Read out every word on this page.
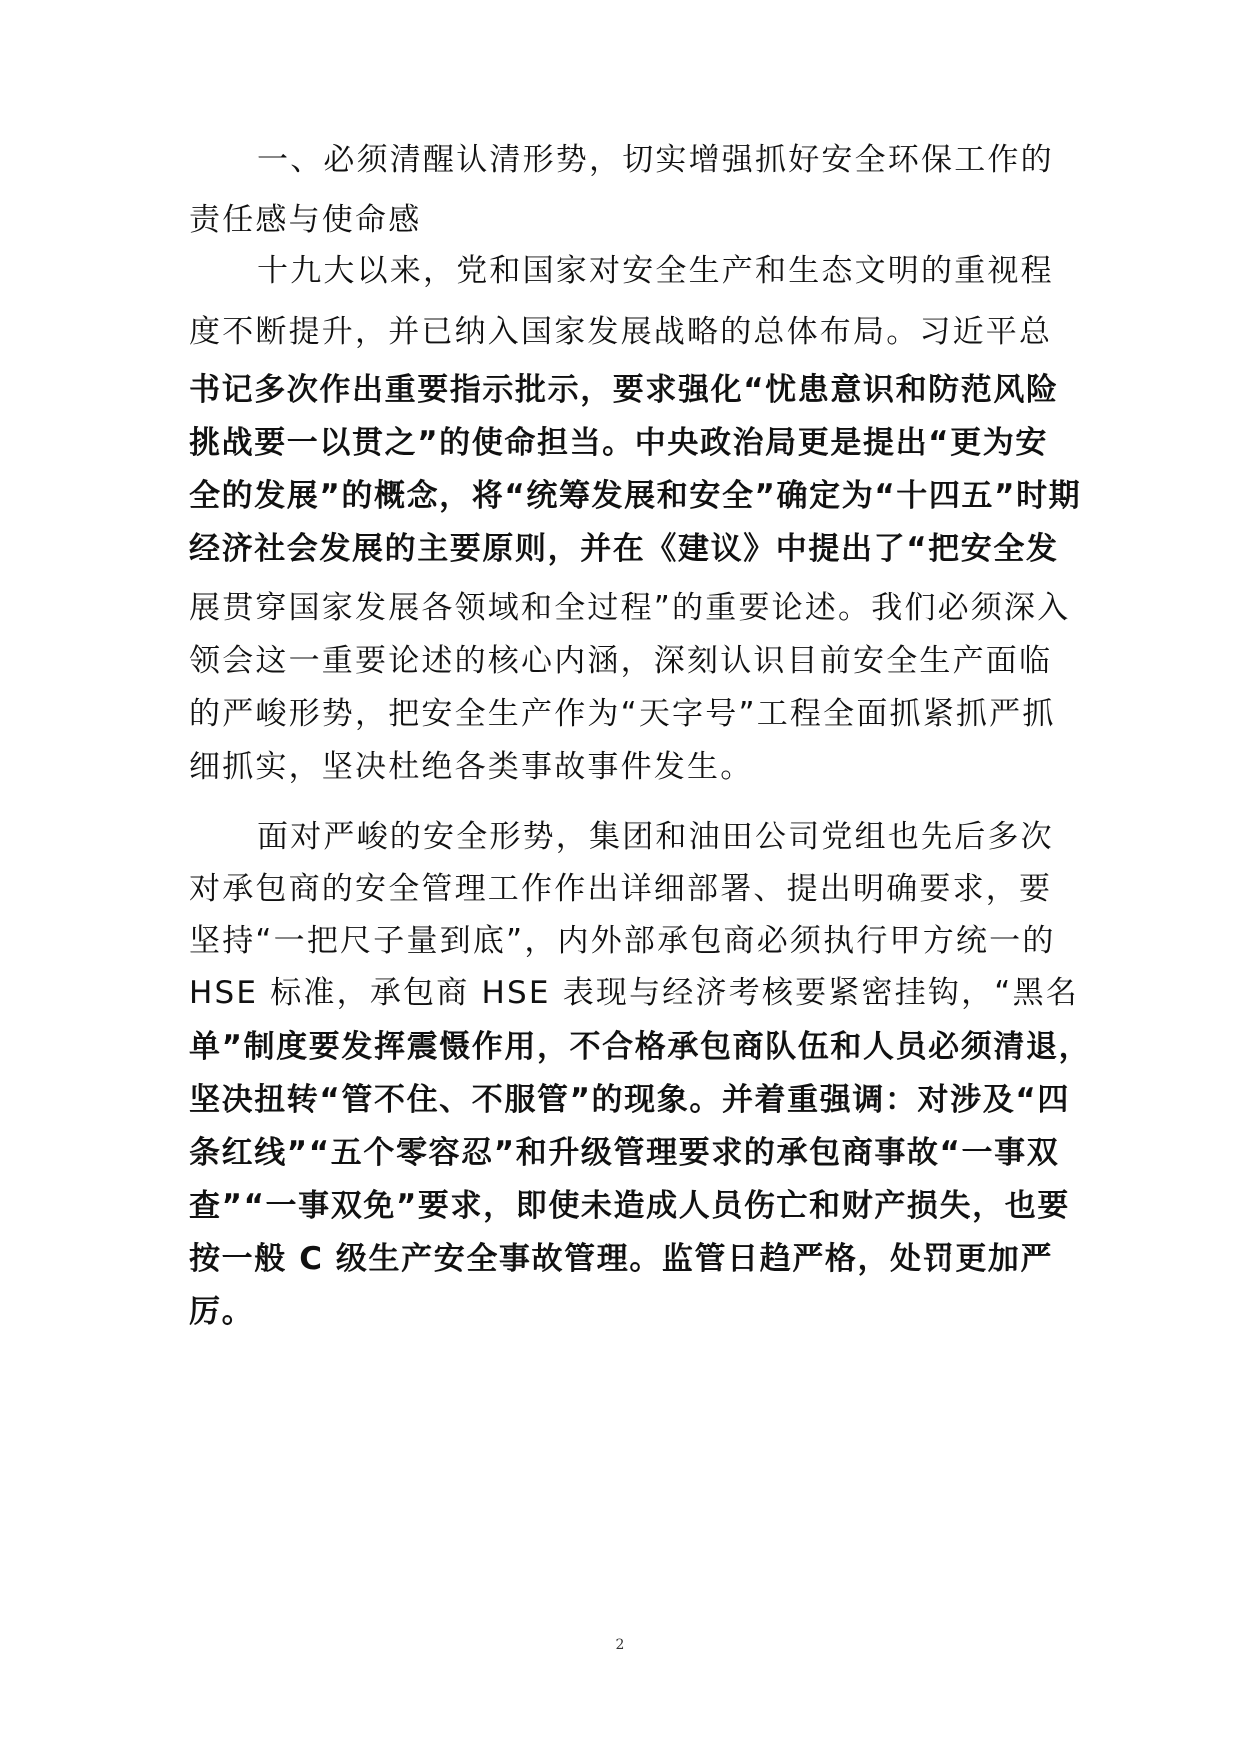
一、必须清醒认清形势，切实增强抓好安全环保工作的
责任感与使命感
十九大以来，党和国家对安全生产和生态文明的重视程
度不断提升，并已纳入国家发展战略的总体布局。习近平总
书记多次作出重要指示批示，要求强化“忧患意识和防范风险
挑战要一以贯之”的使命担当。中央政治局更是提出“更为安
全的发展”的概念，将“统筹发展和安全”确定为“十四五”时期
经济社会发展的主要原则，并在《建议》中提出了“把安全发
展贯穿国家发展各领域和全过程”的重要论述。我们必须深入
领会这一重要论述的核心内涵，深刻认识目前安全生产面临
的严峻形势，把安全生产作为“天字号”工程全面抓紧抓严抓
细抓实，坚决杜绝各类事故事件发生。
面对严峻的安全形势，集团和油田公司党组也先后多次
对承包商的安全管理工作作出详细部署、提出明确要求，要
坚持“一把尺子量到底”，内外部承包商必须执行甲方统一的
HSE 标准，承包商 HSE 表现与经济考核要紧密挂钩，“黑名
单”制度要发挥震慑作用，不合格承包商队伍和人员必须清退，
坚决扭转“管不住、不服管”的现象。并着重强调：对涉及“四
条红线”“五个零容忍”和升级管理要求的承包商事故“一事双
查”“一事双免”要求，即使未造成人员伤亡和财产损失，也要
按一般 C 级生产安全事故管理。监管日趋严格，处罚更加严
厉。
2
